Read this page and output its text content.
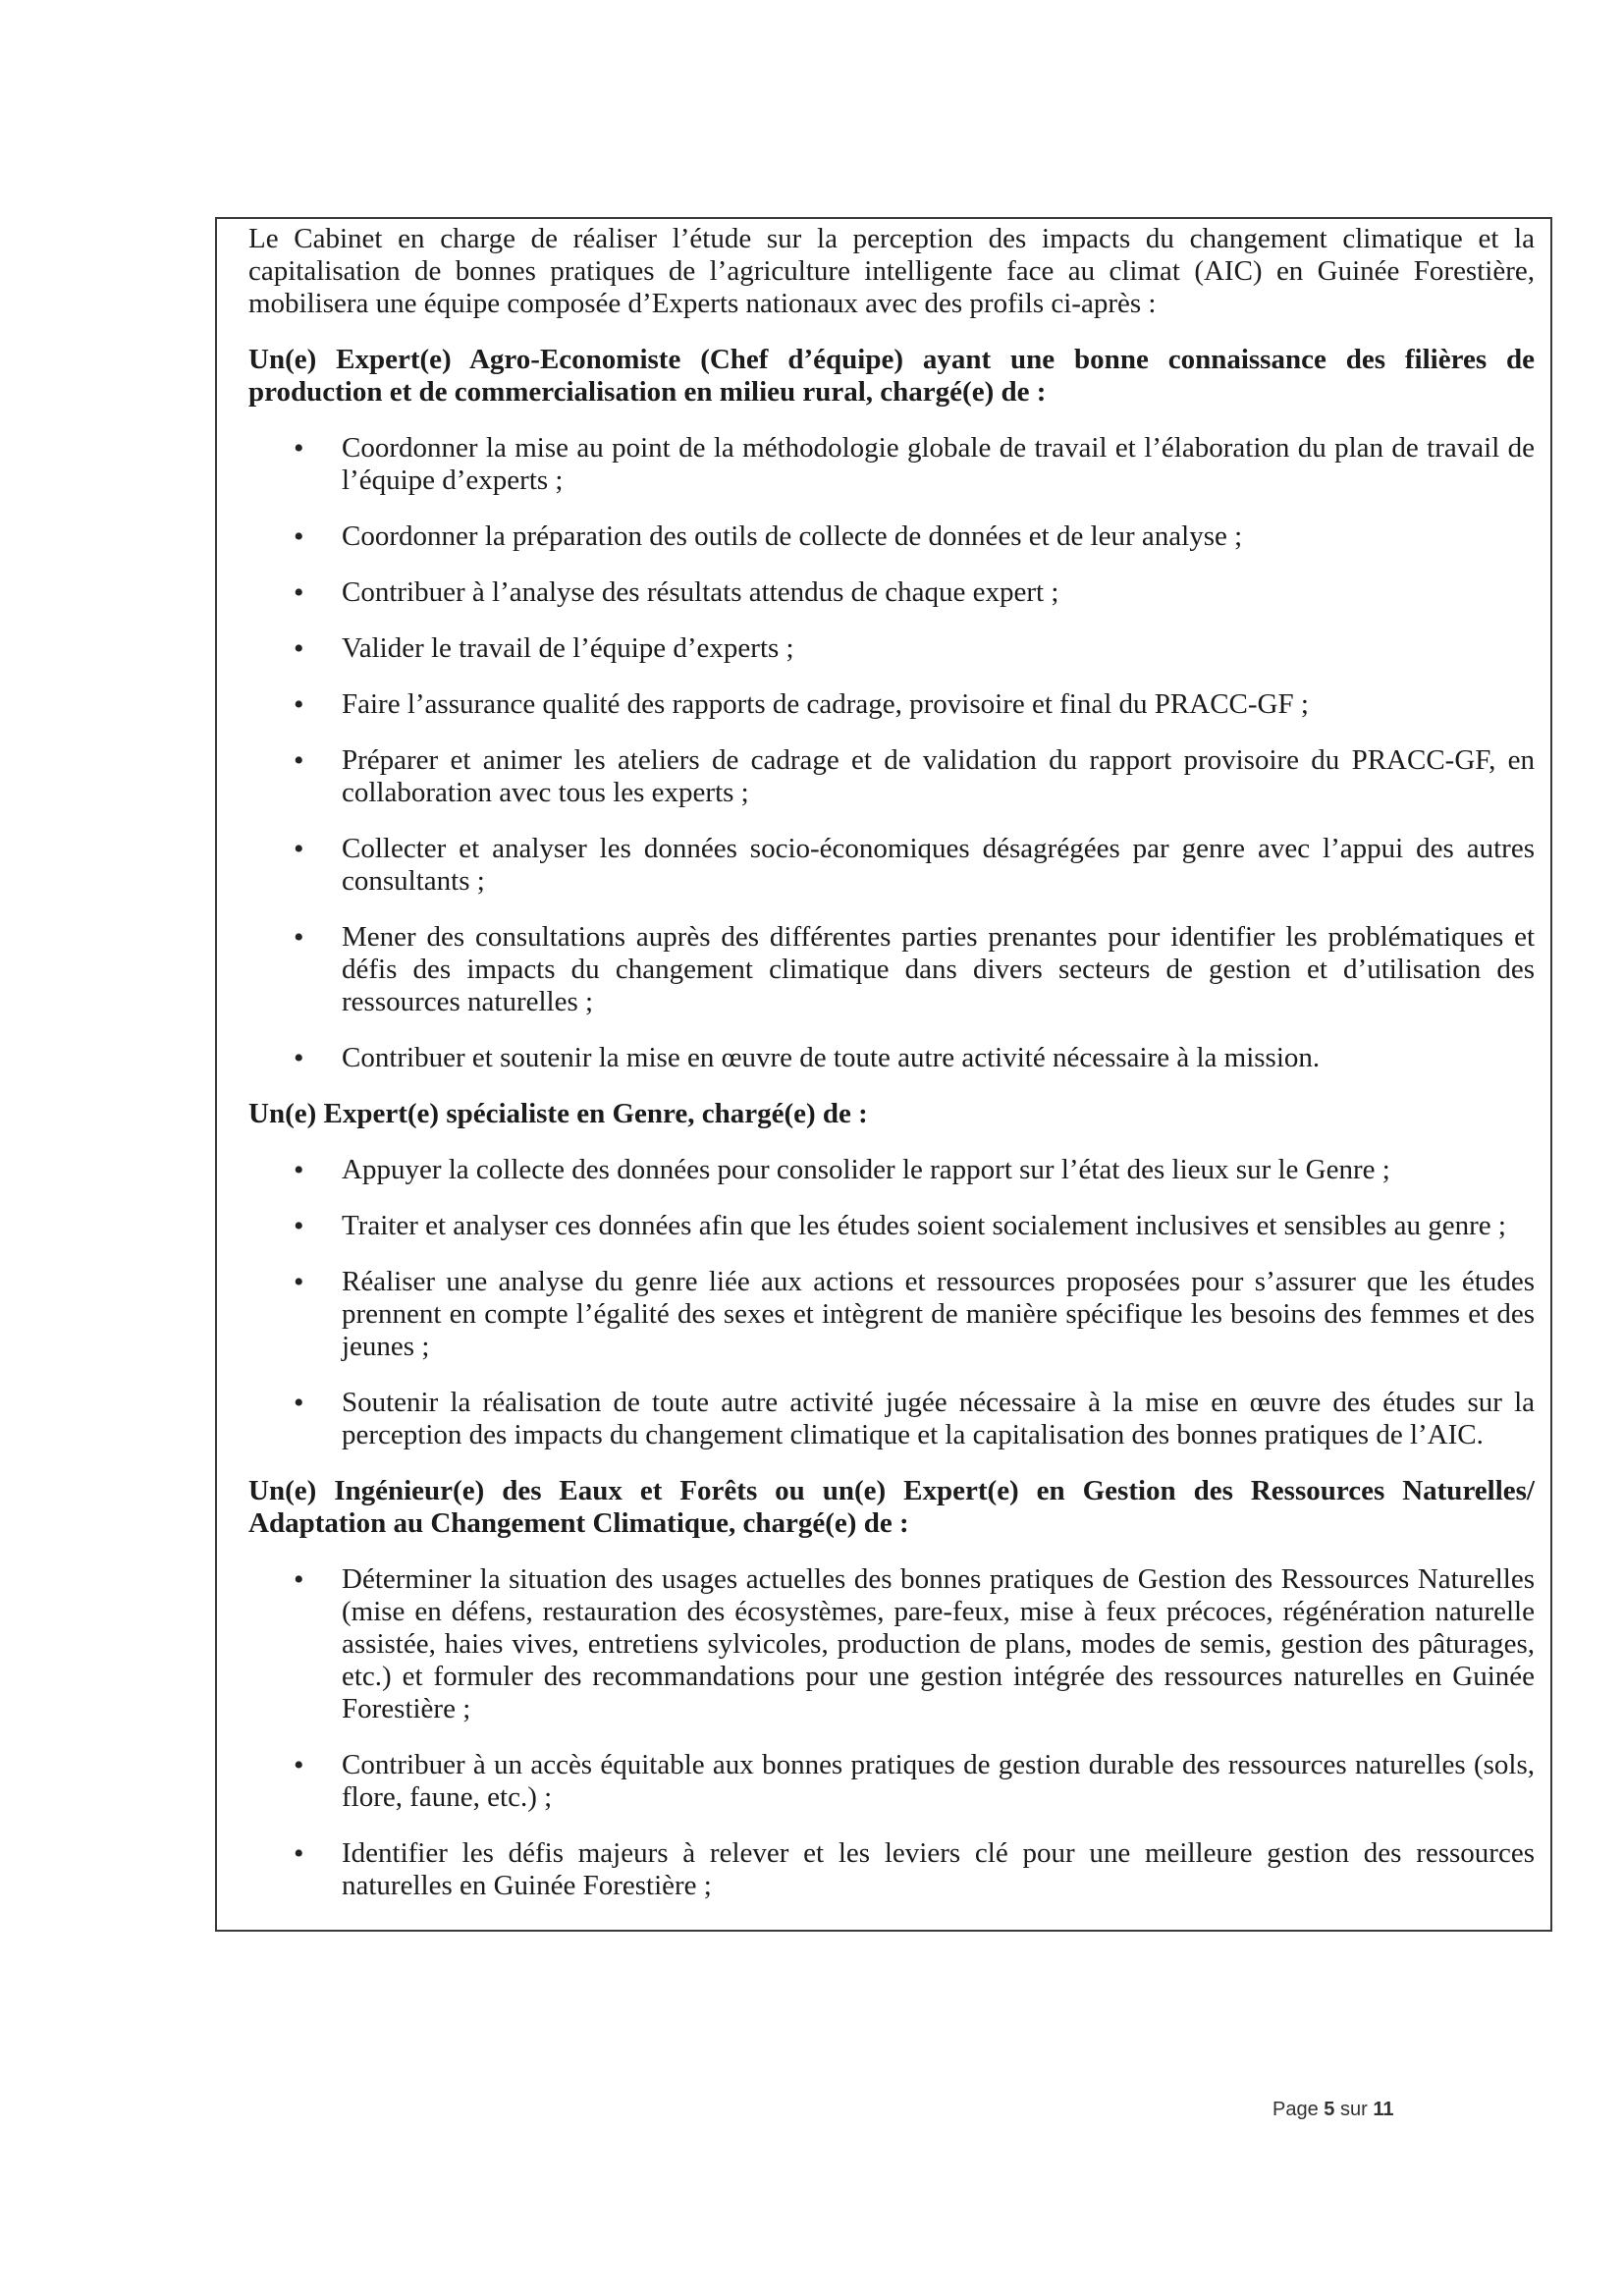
Le Cabinet en charge de réaliser l’étude sur la perception des impacts du changement climatique et la capitalisation de bonnes pratiques de l’agriculture intelligente face au climat (AIC) en Guinée Forestière, mobilisera une équipe composée d’Experts nationaux avec des profils ci-après :

Un(e) Expert(e) Agro-Economiste (Chef d’équipe) ayant une bonne connaissance des filières de production et de commercialisation en milieu rural, chargé(e) de :
• Coordonner la mise au point de la méthodologie globale de travail et l’élaboration du plan de travail de l’équipe d’experts ;
• Coordonner la préparation des outils de collecte de données et de leur analyse ;
• Contribuer à l’analyse des résultats attendus de chaque expert ;
• Valider le travail de l’équipe d’experts ;
• Faire l’assurance qualité des rapports de cadrage, provisoire et final du PRACC-GF ;
• Préparer et animer les ateliers de cadrage et de validation du rapport provisoire du PRACC-GF, en collaboration avec tous les experts ;
• Collecter et analyser les données socio-économiques désagrégées par genre avec l’appui des autres consultants ;
• Mener des consultations auprès des différentes parties prenantes pour identifier les problématiques et défis des impacts du changement climatique dans divers secteurs de gestion et d’utilisation des ressources naturelles ;
• Contribuer et soutenir la mise en œuvre de toute autre activité nécessaire à la mission.
Un(e) Expert(e) spécialiste en Genre, chargé(e) de :
• Appuyer la collecte des données pour consolider le rapport sur l’état des lieux sur le Genre ;
• Traiter et analyser ces données afin que les études soient socialement inclusives et sensibles au genre ;
• Réaliser une analyse du genre liée aux actions et ressources proposées pour s’assurer que les études prennent en compte l’égalité des sexes et intègrent de manière spécifique les besoins des femmes et des jeunes ;
• Soutenir la réalisation de toute autre activité jugée nécessaire à la mise en œuvre des études sur la perception des impacts du changement climatique et la capitalisation des bonnes pratiques de l’AIC.
Un(e) Ingénieur(e) des Eaux et Forêts ou un(e) Expert(e) en Gestion des Ressources Naturelles/ Adaptation au Changement Climatique, chargé(e) de :
• Déterminer la situation des usages actuelles des bonnes pratiques de Gestion des Ressources Naturelles (mise en défens, restauration des écosystèmes, pare-feux, mise à feux précoces, régénération naturelle assistée, haies vives, entretiens sylvicoles, production de plans, modes de semis, gestion des pâturages, etc.) et formuler des recommandations pour une gestion intégrée des ressources naturelles en Guinée Forestière ;
• Contribuer à un accès équitable aux bonnes pratiques de gestion durable des ressources naturelles (sols, flore, faune, etc.) ;
• Identifier les défis majeurs à relever et les leviers clé pour une meilleure gestion des ressources naturelles en Guinée Forestière ;
Page 5 sur 11
